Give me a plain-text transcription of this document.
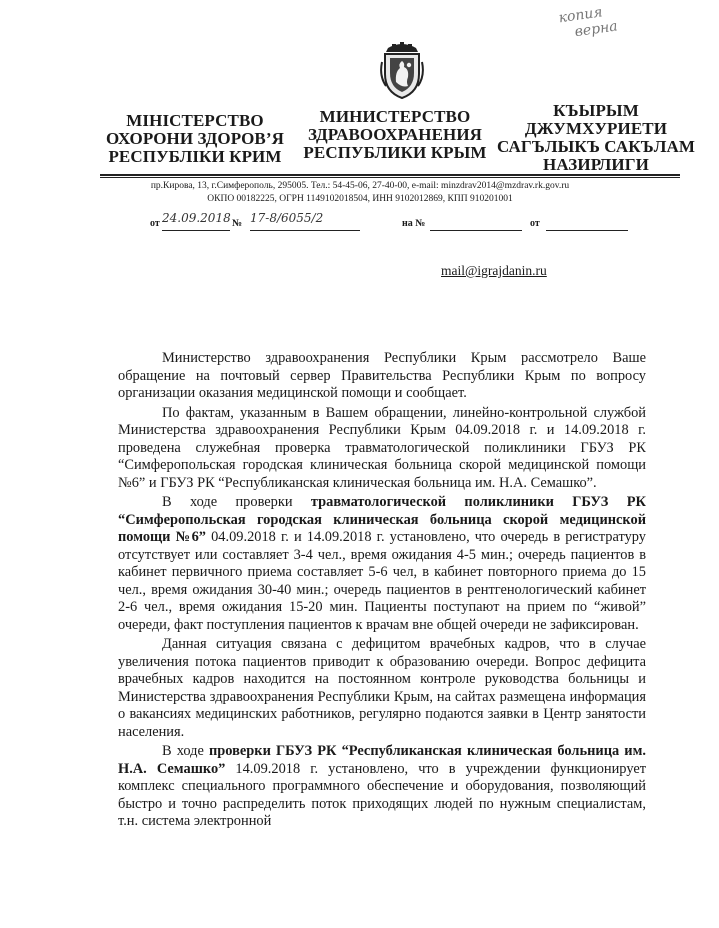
копия
верна
МІНІСТЕРСТВО
ОХОРОНИ ЗДОРОВ’Я
РЕСПУБЛІКИ КРИМ
МИНИСТЕРСТВО
ЗДРАВООХРАНЕНИЯ
РЕСПУБЛИКИ КРЫМ
КЪЫРЫМ
ДЖУМХУРИЕТИ
САГЪЛЫКЪ САКЪЛАМ
НАЗИРЛИГИ
пр.Кирова, 13, г.Симферополь, 295005. Тел.: 54-45-06, 27-40-00, e-mail: minzdrav2014@mzdrav.rk.gov.ru
ОКПО 00182225, ОГРН 1149102018504, ИНН 9102012869, КПП 910201001
от 24.09.2018 № 17-8/6055/2	на №	от
mail@igrajdanin.ru

Министерство здравоохранения Республики Крым рассмотрело Ваше обращение на почтовый сервер Правительства Республики Крым по вопросу организации оказания медицинской помощи и сообщает.

По фактам, указанным в Вашем обращении, линейно-контрольной службой Министерства здравоохранения Республики Крым 04.09.2018 г. и 14.09.2018 г. проведена служебная проверка травматологической поликлиники ГБУЗ РК “Симферопольская городская клиническая больница скорой медицинской помощи №6” и ГБУЗ РК “Республиканская клиническая больница им. Н.А. Семашко”.

В ходе проверки травматологической поликлиники ГБУЗ РК “Симферопольская городская клиническая больница скорой медицинской помощи №6” 04.09.2018 г. и 14.09.2018 г. установлено, что очередь в регистратуру отсутствует или составляет 3-4 чел., время ожидания 4-5 мин.; очередь пациентов в кабинет первичного приема составляет 5-6 чел, в кабинет повторного приема до 15 чел., время ожидания 30-40 мин.; очередь пациентов в рентгенологический кабинет 2-6 чел., время ожидания 15-20 мин. Пациенты поступают на прием по “живой” очереди, факт поступления пациентов к врачам вне общей очереди не зафиксирован.

Данная ситуация связана с дефицитом врачебных кадров, что в случае увеличения потока пациентов приводит к образованию очереди. Вопрос дефицита врачебных кадров находится на постоянном контроле руководства больницы и Министерства здравоохранения Республики Крым, на сайтах размещена информация о вакансиях медицинских работников, регулярно подаются заявки в Центр занятости населения.

В ходе проверки ГБУЗ РК “Республиканская клиническая больница им. Н.А. Семашко” 14.09.2018 г. установлено, что в учреждении функционирует комплекс специального программного обеспечение и оборудования, позволяющий быстро и точно распределить поток приходящих людей по нужным специалистам, т.н. система электронной
